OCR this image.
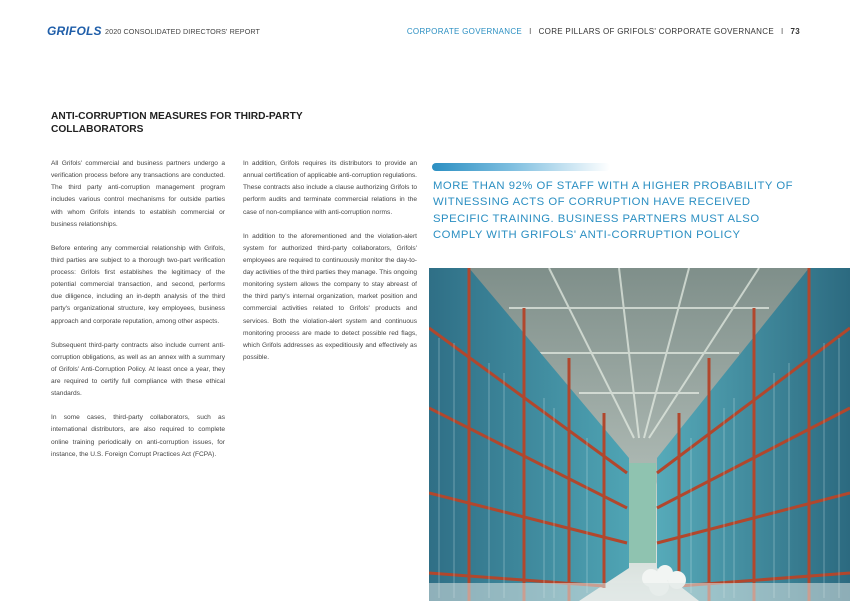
GRIFOLS 2020 CONSOLIDATED DIRECTORS' REPORT	CORPORATE GOVERNANCE I CORE PILLARS OF GRIFOLS' CORPORATE GOVERNANCE I 73
ANTI-CORRUPTION MEASURES FOR THIRD-PARTY COLLABORATORS

All Grifols' commercial and business partners undergo a verification process before any transactions are conducted. The third party anti-corruption management program includes various control mechanisms for outside parties with whom Grifols intends to establish commercial or business relationships.

Before entering any commercial relationship with Grifols, third parties are subject to a thorough two-part verification process: Grifols first establishes the legitimacy of the potential commercial transaction, and second, performs due diligence, including an in-depth analysis of the third party's organizational structure, key employees, business approach and corporate reputation, among other aspects.

Subsequent third-party contracts also include current anti-corruption obligations, as well as an annex with a summary of Grifols' Anti-Corruption Policy. At least once a year, they are required to certify full compliance with these ethical standards.

In some cases, third-party collaborators, such as international distributors, are also required to complete online training periodically on anti-corruption issues, for instance, the U.S. Foreign Corrupt Practices Act (FCPA).

In addition, Grifols requires its distributors to provide an annual certification of applicable anti-corruption regulations. These contracts also include a clause authorizing Grifols to perform audits and terminate commercial relations in the case of non-compliance with anti-corruption norms.

In addition to the aforementioned and the violation-alert system for authorized third-party collaborators, Grifols' employees are required to continuously monitor the day-to-day activities of the third parties they manage. This ongoing monitoring system allows the company to stay abreast of the third party's internal organization, market position and commercial activities related to Grifols' products and services. Both the violation-alert system and continuous monitoring process are made to detect possible red flags, which Grifols addresses as expeditiously and effectively as possible.

MORE THAN 92% OF STAFF WITH A HIGHER PROBABILITY OF WITNESSING ACTS OF CORRUPTION HAVE RECEIVED SPECIFIC TRAINING. BUSINESS PARTNERS MUST ALSO COMPLY WITH GRIFOLS' ANTI-CORRUPTION POLICY
